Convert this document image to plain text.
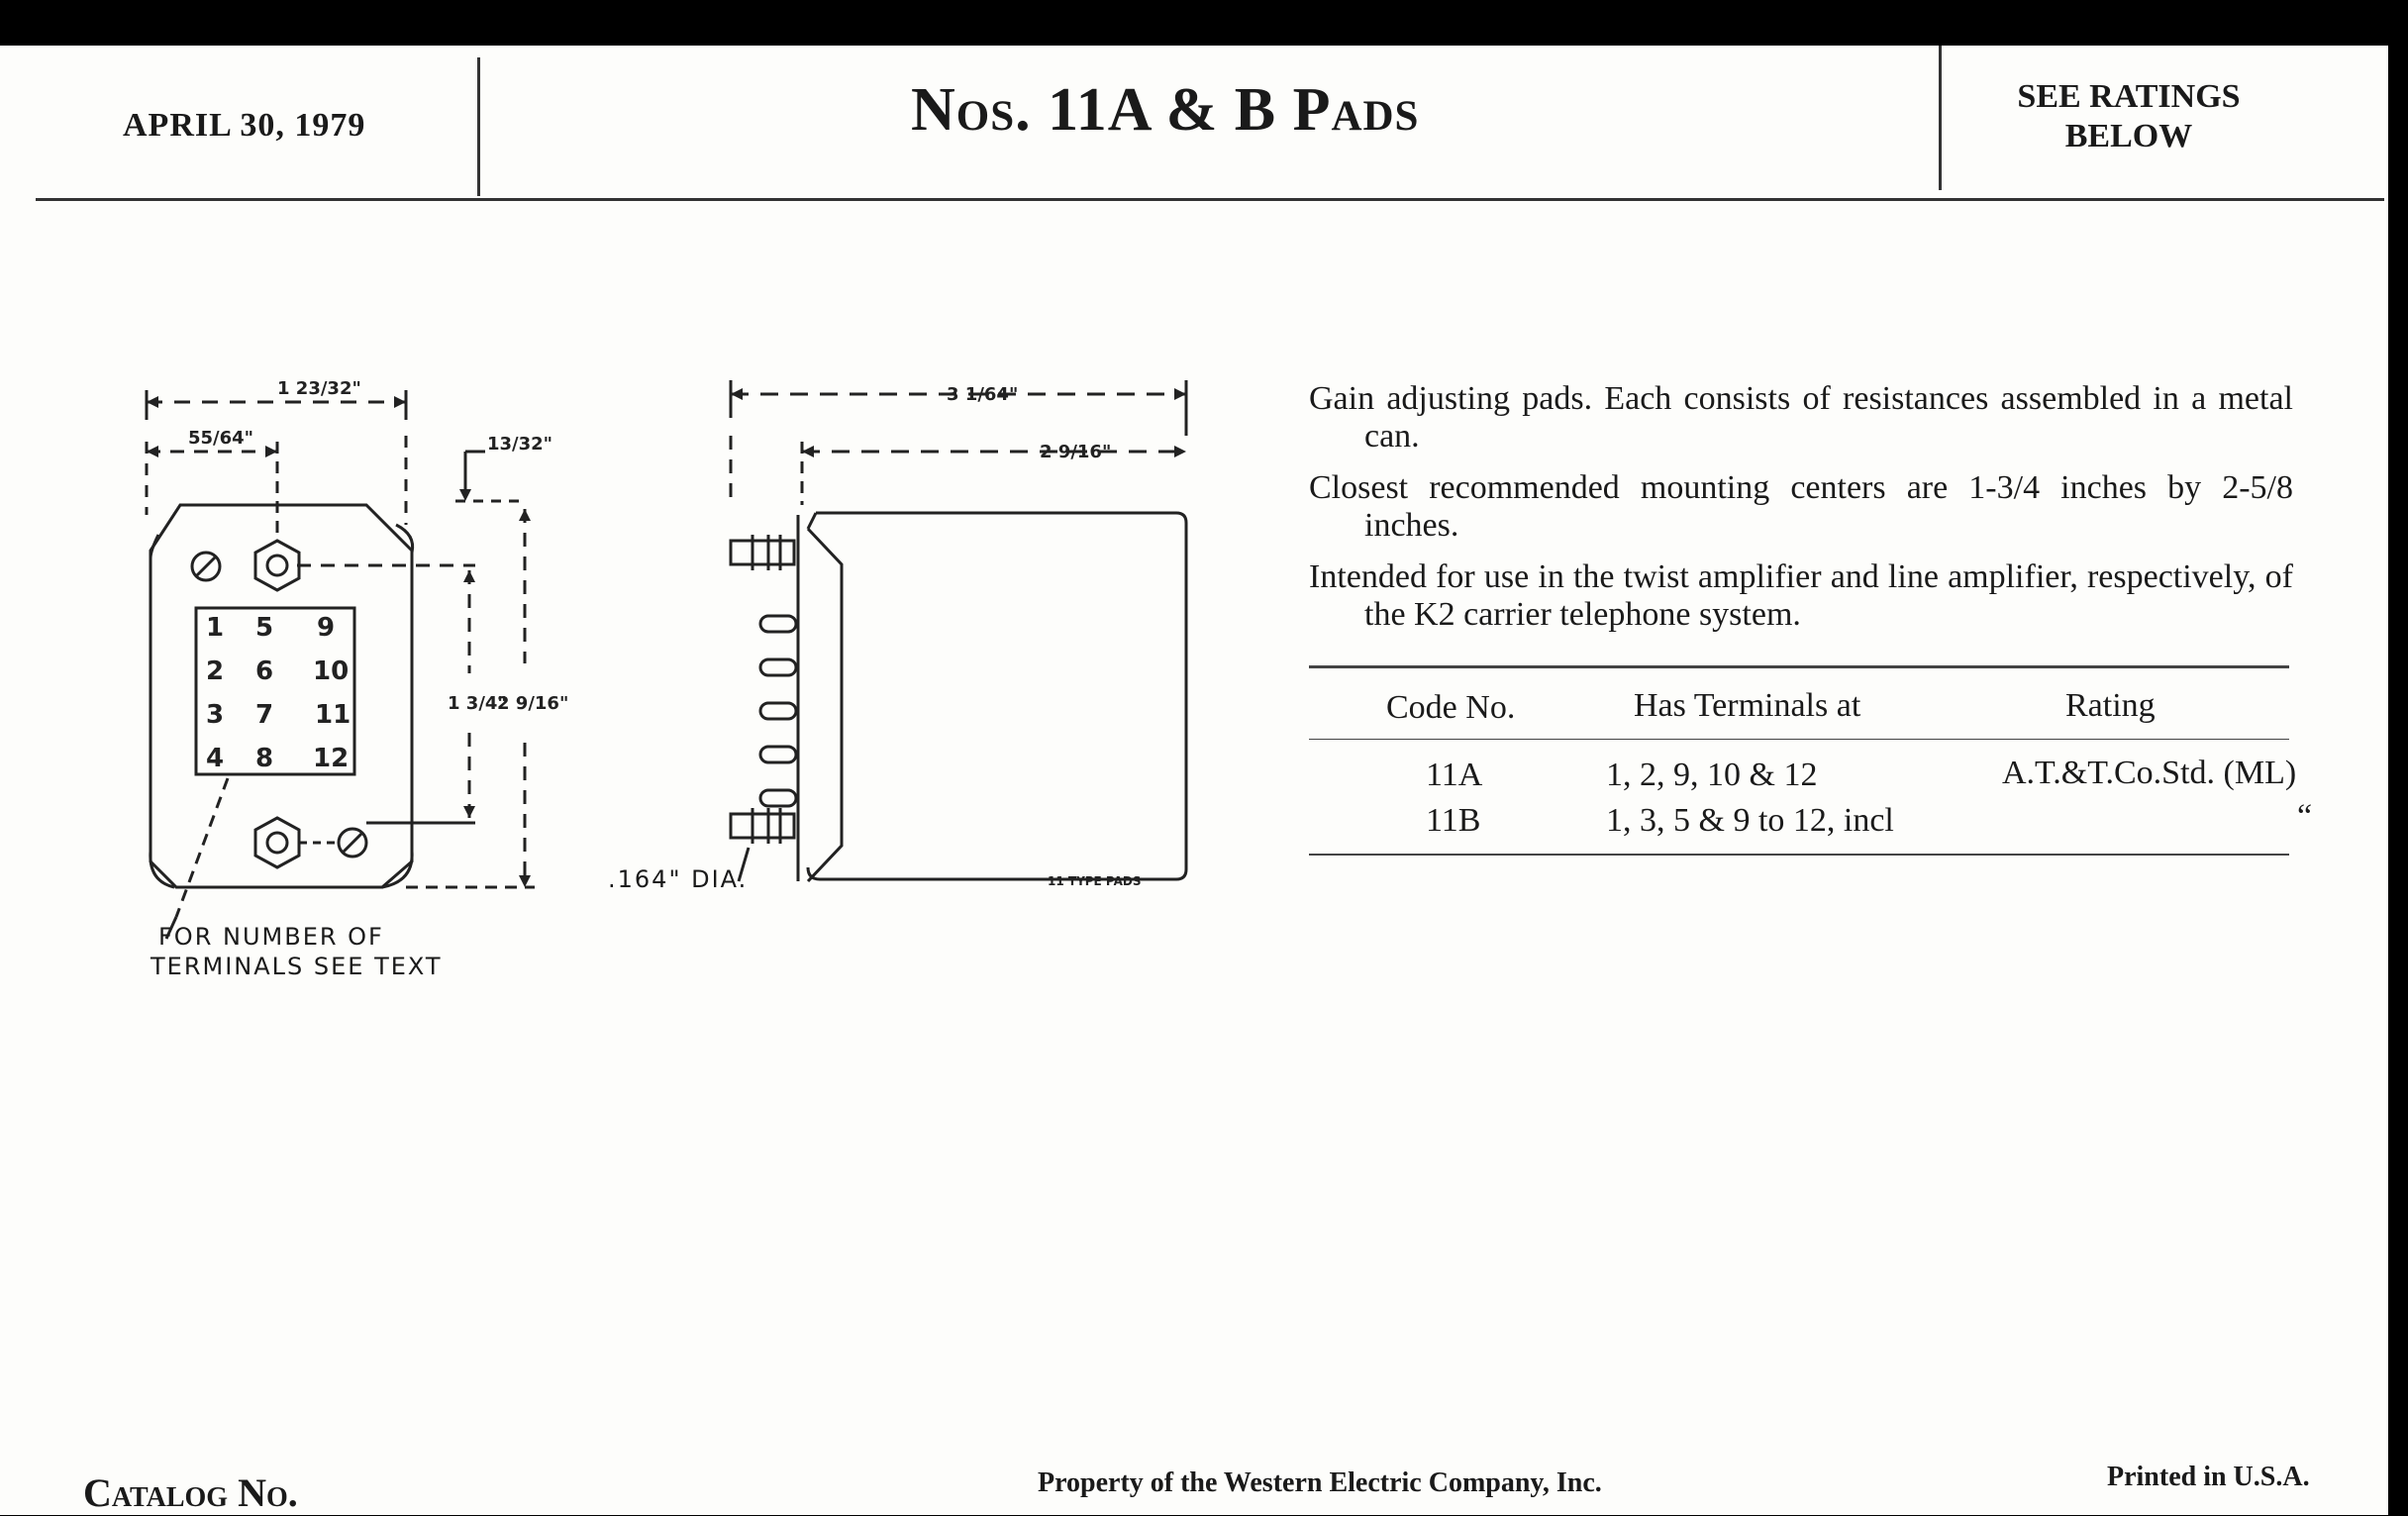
APRIL 30, 1979	Nos. 11A & B Pads	SEE RATINGS BELOW
1 23/32"
55/64"	13/32"
1 3/4"
2 9/16"
1 5 9
2 6 10
3 7 11
4 8 12
FOR NUMBER OF
TERMINALS SEE TEXT
3 1/64"
2 9/16"
11 TYPE PADS
.164" DIA.

Gain adjusting pads. Each consists of resistances assembled in a metal can.

Closest recommended mounting centers are 1-3/4 inches by 2-5/8 inches.

Intended for use in the twist amplifier and line amplifier, respectively, of the K2 carrier telephone system.

Code No.	Has Terminals at	Rating
11A	1, 2, 9, 10 & 12	A.T.&T.Co.Std. (ML)
11B	1, 3, 5 & 9 to 12, incl	“
Catalog No.	Property of the Western Electric Company, Inc.	Printed in U.S.A.
